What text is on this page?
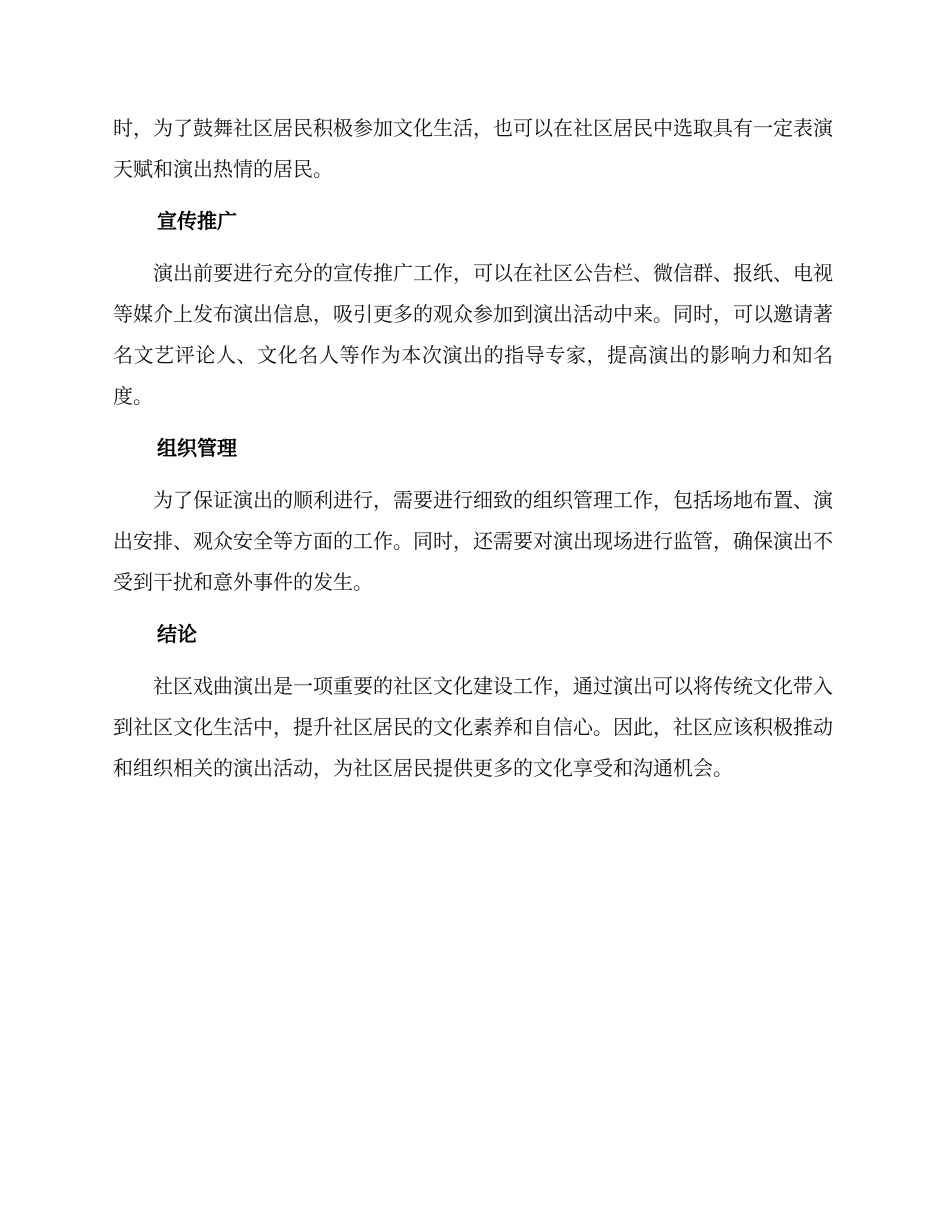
时，为了鼓舞社区居民积极参加文化生活，也可以在社区居民中选取具有一定表演天赋和演出热情的居民。

宣传推广

演出前要进行充分的宣传推广工作，可以在社区公告栏、微信群、报纸、电视等媒介上发布演出信息，吸引更多的观众参加到演出活动中来。同时，可以邀请著名文艺评论人、文化名人等作为本次演出的指导专家，提高演出的影响力和知名度。

组织管理

为了保证演出的顺利进行，需要进行细致的组织管理工作，包括场地布置、演出安排、观众安全等方面的工作。同时，还需要对演出现场进行监管，确保演出不受到干扰和意外事件的发生。

结论

社区戏曲演出是一项重要的社区文化建设工作，通过演出可以将传统文化带入到社区文化生活中，提升社区居民的文化素养和自信心。因此，社区应该积极推动和组织相关的演出活动，为社区居民提供更多的文化享受和沟通机会。
